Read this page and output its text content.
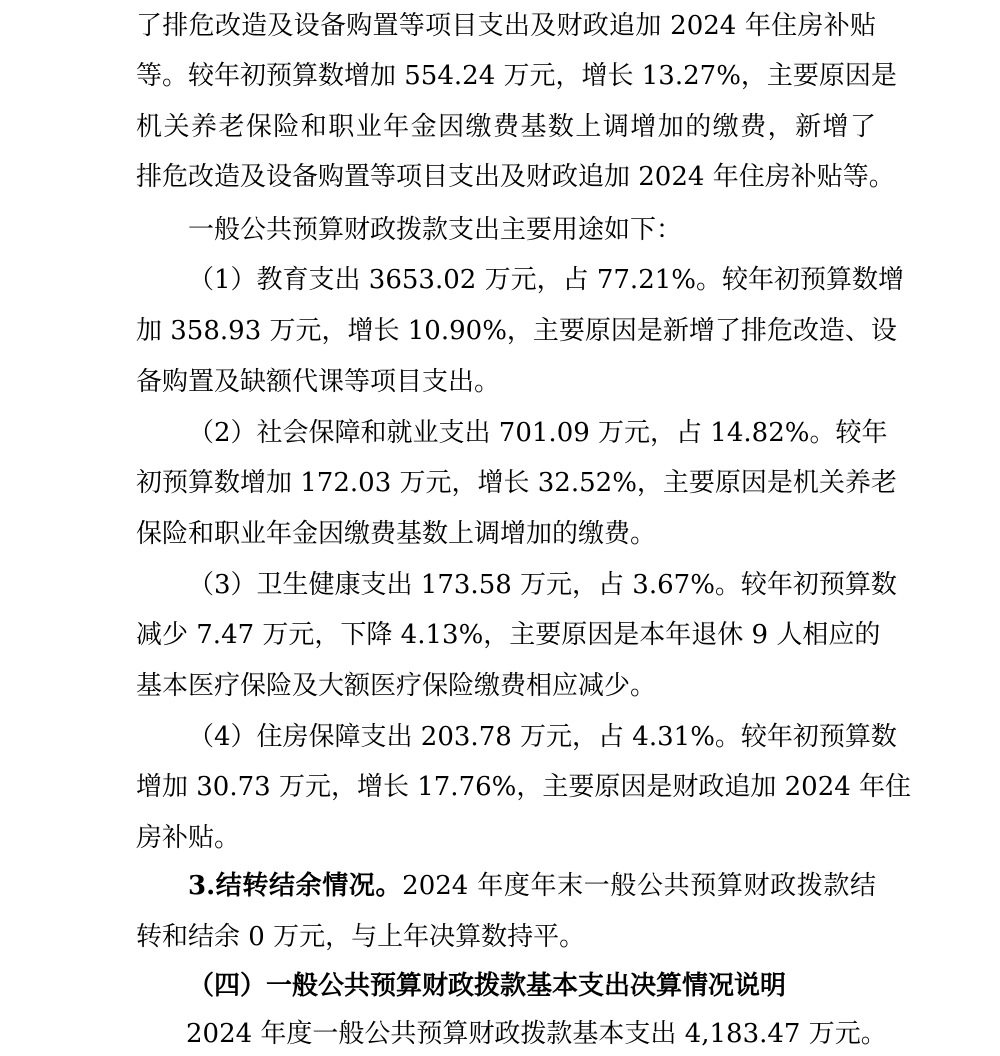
了排危改造及设备购置等项目支出及财政追加 2024 年住房补贴
等。较年初预算数增加 554.24 万元，增长 13.27%，主要原因是
机关养老保险和职业年金因缴费基数上调增加的缴费，新增了
排危改造及设备购置等项目支出及财政追加 2024 年住房补贴等。
一般公共预算财政拨款支出主要用途如下：
（1）教育支出 3653.02 万元，占 77.21%。较年初预算数增
加 358.93 万元，增长 10.90%，主要原因是新增了排危改造、设
备购置及缺额代课等项目支出。
（2）社会保障和就业支出 701.09 万元，占 14.82%。较年
初预算数增加 172.03 万元，增长 32.52%，主要原因是机关养老
保险和职业年金因缴费基数上调增加的缴费。
（3）卫生健康支出 173.58 万元，占 3.67%。较年初预算数
减少 7.47 万元，下降 4.13%，主要原因是本年退休 9 人相应的
基本医疗保险及大额医疗保险缴费相应减少。
（4）住房保障支出 203.78 万元，占 4.31%。较年初预算数
增加 30.73 万元，增长 17.76%，主要原因是财政追加 2024 年住
房补贴。
3.结转结余情况。2024 年度年末一般公共预算财政拨款结
转和结余 0 万元，与上年决算数持平。
（四）一般公共预算财政拨款基本支出决算情况说明
2024 年度一般公共预算财政拨款基本支出 4,183.47 万元。
